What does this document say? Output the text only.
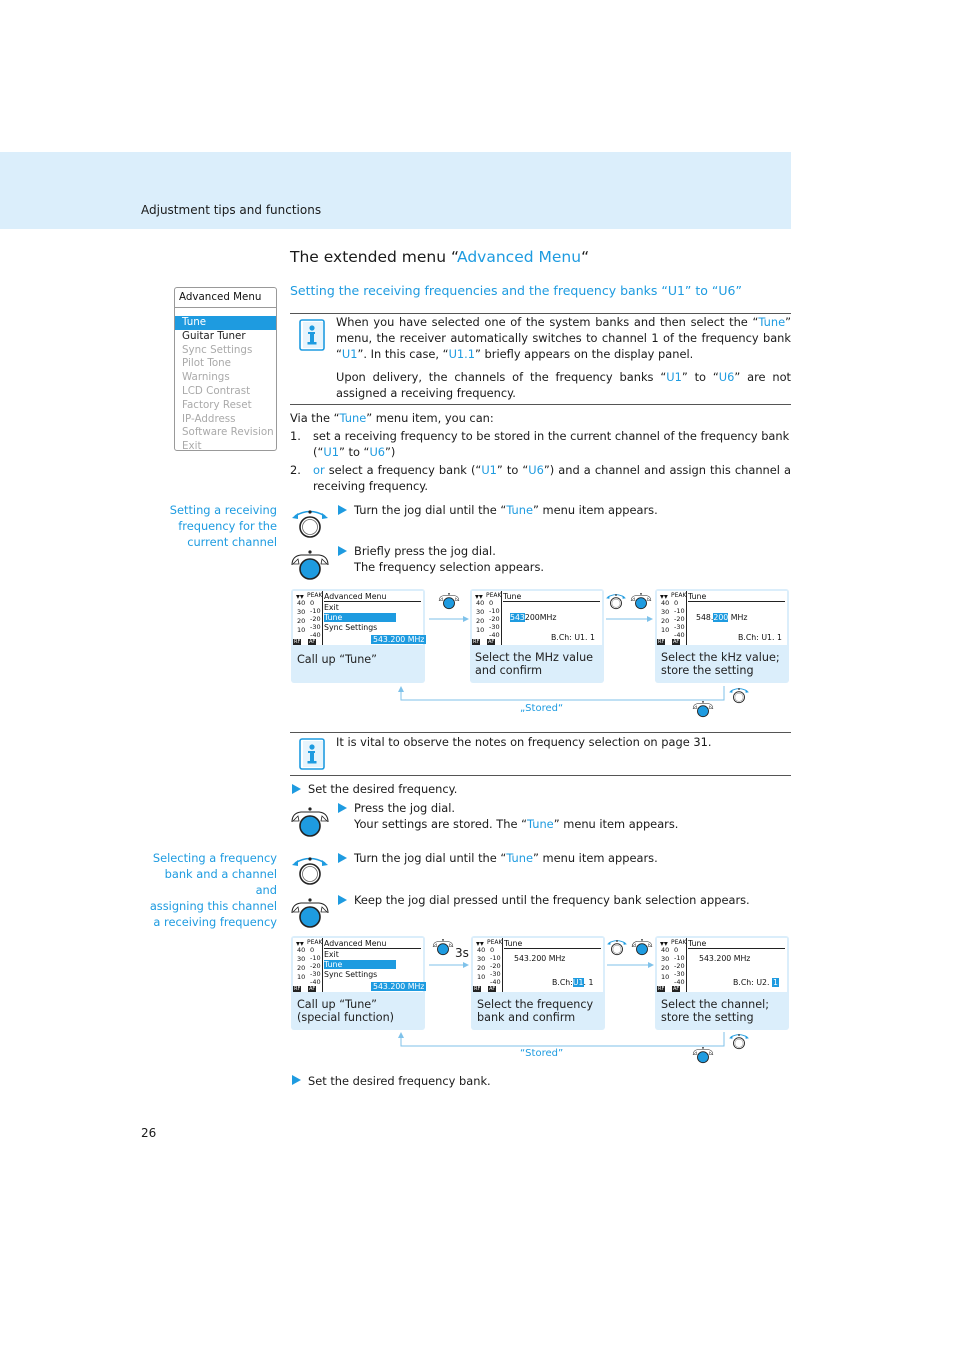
Adjustment tips and functions
The extended menu “Advanced Menu“
Setting the receiving frequencies and the frequency banks “U1” to “U6”
Advanced Menu
Tune
Guitar Tuner
Sync Settings
Pilot Tone
Warnings
LCD Contrast
Factory Reset
IP-Address
Software Revision
Exit
When you have selected one of the system banks and then select the “Tune” menu, the receiver automatically switches to channel 1 of the frequency bank “U1”. In this case, “U1.1” briefly appears on the display panel.
Upon delivery, the channels of the frequency banks “U1” to “U6” are not assigned a receiving frequency.
Via the “Tune” menu item, you can:
1. set a receiving frequency to be stored in the current channel of the frequency bank (“U1” to “U6”)
2. or select a frequency bank (“U1” to “U6”) and a channel and assign this channel a receiving frequency.
Setting a receiving
frequency for the
current channel
Turn the jog dial until the “Tune” menu item appears.
Briefly press the jog dial.
The frequency selection appears.
▾▾ PEAK
40
30
20
10
0
-10
-20
-30
-40
RF AF
Advanced Menu
Exit
Tune
Sync Settings
543.200 MHz
Call up “Tune”
▾▾ PEAK
40
30
20
10
0
-10
-20
-30
-40
RF AF
Tune
543200MHz
B.Ch: U1. 1
Select the MHz value and confirm
▾▾ PEAK
40
30
20
10
0
-10
-20
-30
-40
RF AF
Tune
548.200 MHz
B.Ch: U1. 1
Select the kHz value; store the setting
„Stored“
It is vital to observe the notes on frequency selection on page 31.
Set the desired frequency.
Press the jog dial.
Your settings are stored. The “Tune” menu item appears.
Selecting a frequency
bank and a channel and
assigning this channel
a receiving frequency
Turn the jog dial until the “Tune” menu item appears.
Keep the jog dial pressed until the frequency bank selection appears.
▾▾ PEAK
40
30
20
10
0
-10
-20
-30
-40
RF AF
Advanced Menu
Exit
Tune
Sync Settings
543.200 MHz
Call up “Tune” (special function)
▾▾ PEAK
40
30
20
10
0
-10
-20
-30
-40
RF AF
Tune
543.200 MHz
B.Ch:U1. 1
Select the frequency bank and confirm
▾▾ PEAK
40
30
20
10
0
-10
-20
-30
-40
RF AF
Tune
543.200 MHz
B.Ch: U2. 1
Select the channel; store the setting
3s
“Stored”
Set the desired frequency bank.
26
